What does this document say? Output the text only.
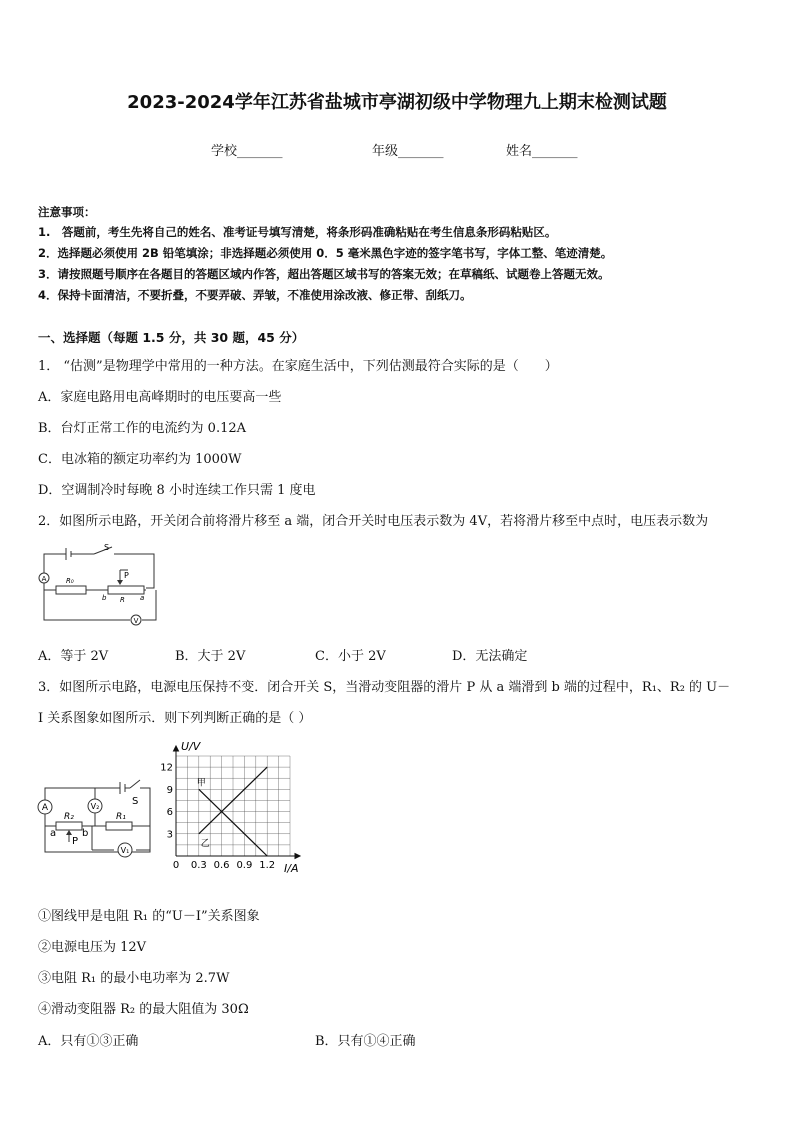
2023-2024学年江苏省盐城市亭湖初级中学物理九上期末检测试题
学校_______	年级_______	姓名_______
注意事项：
1.　答题前，考生先将自己的姓名、准考证号填写清楚，将条形码准确粘贴在考生信息条形码粘贴区。
2．选择题必须使用 2B 铅笔填涂；非选择题必须使用 0．5 毫米黑色字迹的签字笔书写，字体工整、笔迹清楚。
3．请按照题号顺序在各题目的答题区域内作答，超出答题区域书写的答案无效；在草稿纸、试题卷上答题无效。
4．保持卡面清洁，不要折叠，不要弄破、弄皱，不准使用涂改液、修正带、刮纸刀。
一、选择题（每题 1.5 分，共 30 题，45 分）
1． “估测”是物理学中常用的一种方法。在家庭生活中，下列估测最符合实际的是（　　）
A．家庭电路用电高峰期时的电压要高一些
B．台灯正常工作的电流约为 0.12A
C．电冰箱的额定功率约为 1000W
D．空调制冷时每晚 8 小时连续工作只需 1 度电
2．如图所示电路，开关闭合前将滑片移至 a 端，闭合开关时电压表示数为 4V，若将滑片移至中点时，电压表示数为
A
V
S
P
R₀
b R a
A．等于 2V	B．大于 2V	C．小于 2V	D．无法确定
3．如图所示电路，电源电压保持不变．闭合开关 S，当滑动变阻器的滑片 P 从 a 端滑到 b 端的过程中，R₁、R₂ 的 U－
I 关系图象如图所示．则下列判断正确的是（ ）
A	V₂
V₁
S
R₂	R₁
a	b
P
0 0.3 0.6 0.9 1.2
3
6
9
12
甲
乙
U/V
I/A
①图线甲是电阻 R₁ 的“U－I”关系图象
②电源电压为 12V
③电阻 R₁ 的最小电功率为 2.7W
④滑动变阻器 R₂ 的最大阻值为 30Ω
A．只有①③正确	B．只有①④正确
